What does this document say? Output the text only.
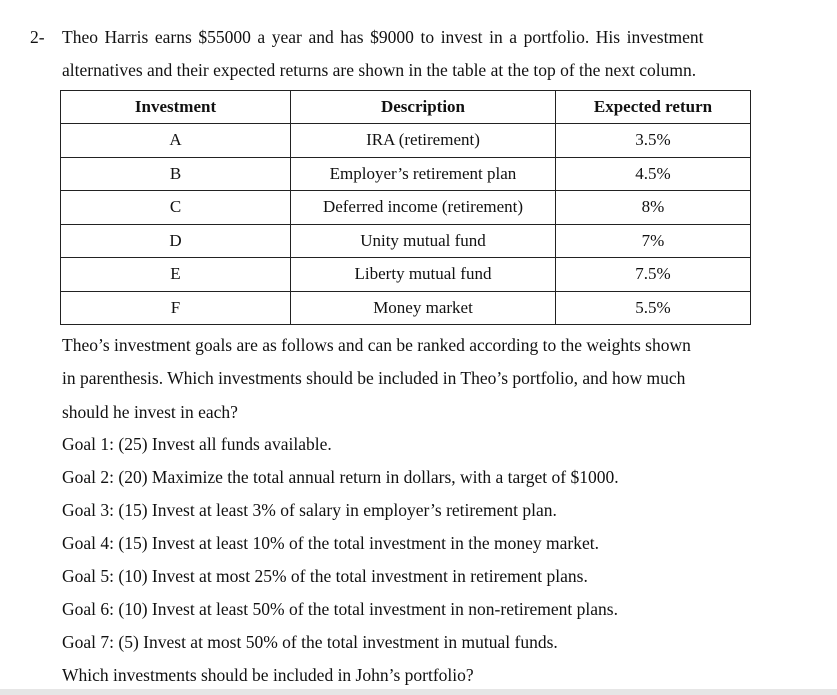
2- Theo Harris earns $55000 a year and has $9000 to invest in a portfolio. His investment
alternatives and their expected returns are shown in the table at the top of the next column.
Investment	Description	Expected return
A	IRA (retirement)	3.5%
B	Employer’s retirement plan	4.5%
C	Deferred income (retirement)	8%
D	Unity mutual fund	7%
E	Liberty mutual fund	7.5%
F	Money market	5.5%
Theo’s investment goals are as follows and can be ranked according to the weights shown
in parenthesis. Which investments should be included in Theo’s portfolio, and how much
should he invest in each?
Goal 1: (25) Invest all funds available.
Goal 2: (20) Maximize the total annual return in dollars, with a target of $1000.
Goal 3: (15) Invest at least 3% of salary in employer’s retirement plan.
Goal 4: (15) Invest at least 10% of the total investment in the money market.
Goal 5: (10) Invest at most 25% of the total investment in retirement plans.
Goal 6: (10) Invest at least 50% of the total investment in non-retirement plans.
Goal 7: (5) Invest at most 50% of the total investment in mutual funds.
Which investments should be included in John’s portfolio?
